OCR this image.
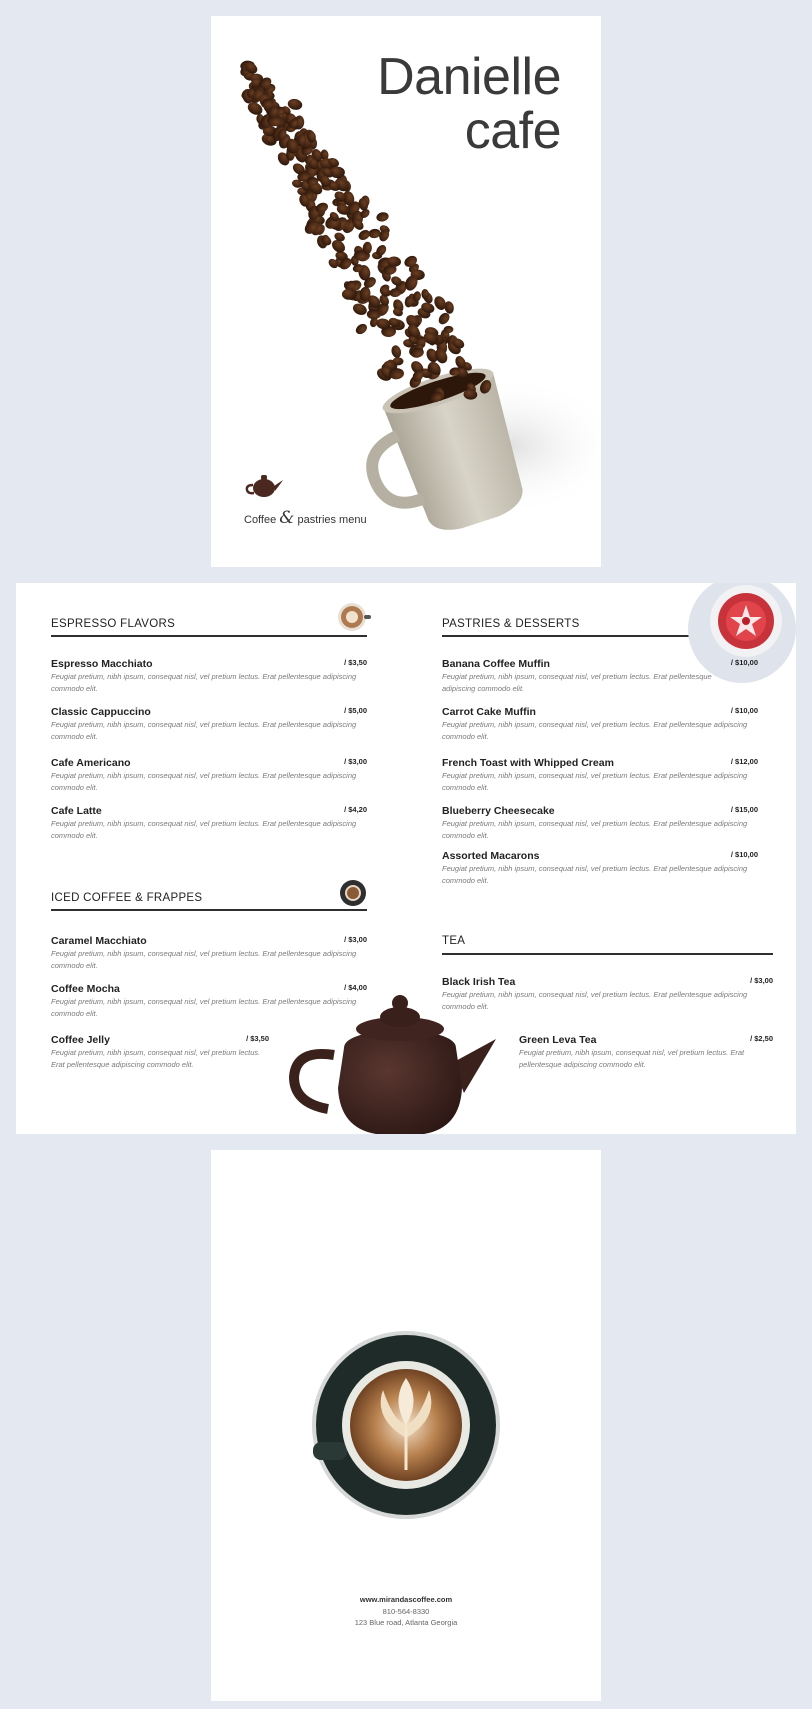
Danielle
cafe
Coffee & pastries menu
ESPRESSO FLAVORS
Espresso Macchiato	/ $3,50
Feugiat pretium, nibh ipsum, consequat nisl, vel pretium lectus. Erat pellentesque adipiscing commodo elit.
Classic Cappuccino	/ $5,00
Feugiat pretium, nibh ipsum, consequat nisl, vel pretium lectus. Erat pellentesque adipiscing commodo elit.
Cafe Americano	/ $3,00
Feugiat pretium, nibh ipsum, consequat nisl, vel pretium lectus. Erat pellentesque adipiscing commodo elit.
Cafe Latte	/ $4,20
Feugiat pretium, nibh ipsum, consequat nisl, vel pretium lectus. Erat pellentesque adipiscing commodo elit.
ICED COFFEE & FRAPPES
Caramel Macchiato	/ $3,00
Feugiat pretium, nibh ipsum, consequat nisl, vel pretium lectus. Erat pellentesque adipiscing commodo elit.
Coffee Mocha	/ $4,00
Feugiat pretium, nibh ipsum, consequat nisl, vel pretium lectus. Erat pellentesque adipiscing commodo elit.
Coffee Jelly	/ $3,50
Feugiat pretium, nibh ipsum, consequat nisl, vel pretium lectus. Erat pellentesque adipiscing commodo elit.
PASTRIES & DESSERTS
Banana Coffee Muffin	/ $10,00
Feugiat pretium, nibh ipsum, consequat nisl, vel pretium lectus. Erat pellentesque adipiscing commodo elit.
Carrot Cake Muffin	/ $10,00
Feugiat pretium, nibh ipsum, consequat nisl, vel pretium lectus. Erat pellentesque adipiscing commodo elit.
French Toast with Whipped Cream	/ $12,00
Feugiat pretium, nibh ipsum, consequat nisl, vel pretium lectus. Erat pellentesque adipiscing commodo elit.
Blueberry Cheesecake	/ $15,00
Feugiat pretium, nibh ipsum, consequat nisl, vel pretium lectus. Erat pellentesque adipiscing commodo elit.
Assorted Macarons	/ $10,00
Feugiat pretium, nibh ipsum, consequat nisl, vel pretium lectus. Erat pellentesque adipiscing commodo elit.
TEA
Black Irish Tea	/ $3,00
Feugiat pretium, nibh ipsum, consequat nisl, vel pretium lectus. Erat pellentesque adipiscing commodo elit.
Green Leva Tea	/ $2,50
Feugiat pretium, nibh ipsum, consequat nisl, vel pretium lectus. Erat pellentesque adipiscing commodo elit.
www.mirandascoffee.com
810-564-8330
123 Blue road, Atlanta Georgia
